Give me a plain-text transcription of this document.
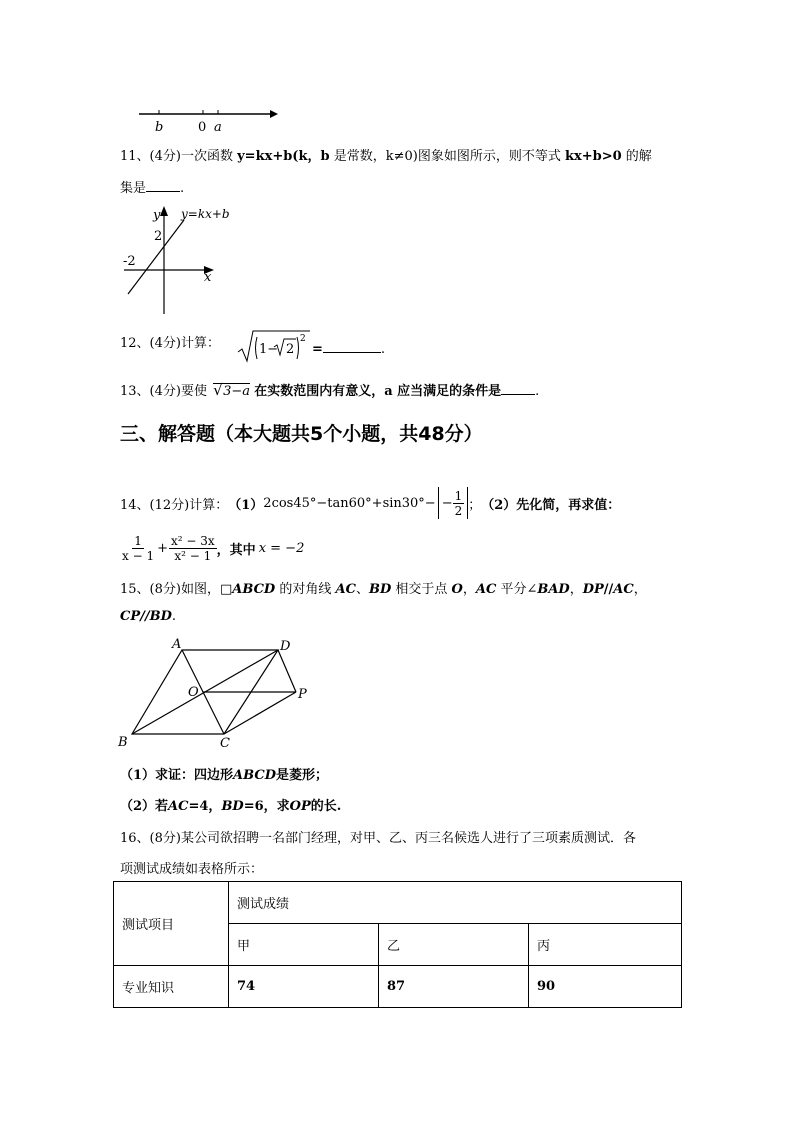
b	0 a
11、(4分)一次函数 y=kx+b(k，b 是常数，k≠0)图象如图所示，则不等式 kx+b>0 的解
集是	.
y y=kx+b
2
-2
x
12、(4分)计算：	1− 2
2
=	.
13、(4分)要使 √ 3−a 在实数范围内有意义，a 应当满足的条件是	.
三、解答题（本大题共5个小题，共48分）
14、 (12分) 计算： （1） $2\cos 45^\circ-\tan 60^\circ+\sin 30^\circ- - \frac{1}{2}$ ； （2）先化简，再求值：
$\frac{1}{x - 1} + \frac{\text{x² − 3x}}{\text{x² − 1}}$ ，其中 x = −2
15、(8分)如图，□ABCD 的对角线 AC、BD 相交于点 O，AC 平分∠BAD，DP//AC，
CP//BD.
A	D
O	P
B	C
（1）求证：四边形ABCD是菱形；
（2）若AC=4，BD=6，求OP的长.
16、(8分)某公司欲招聘一名部门经理，对甲、乙、丙三名候选人进行了三项素质测试．各
项测试成绩如表格所示：
测试项目	测试成绩		
	甲	乙	丙
专业知识	74	87	90
